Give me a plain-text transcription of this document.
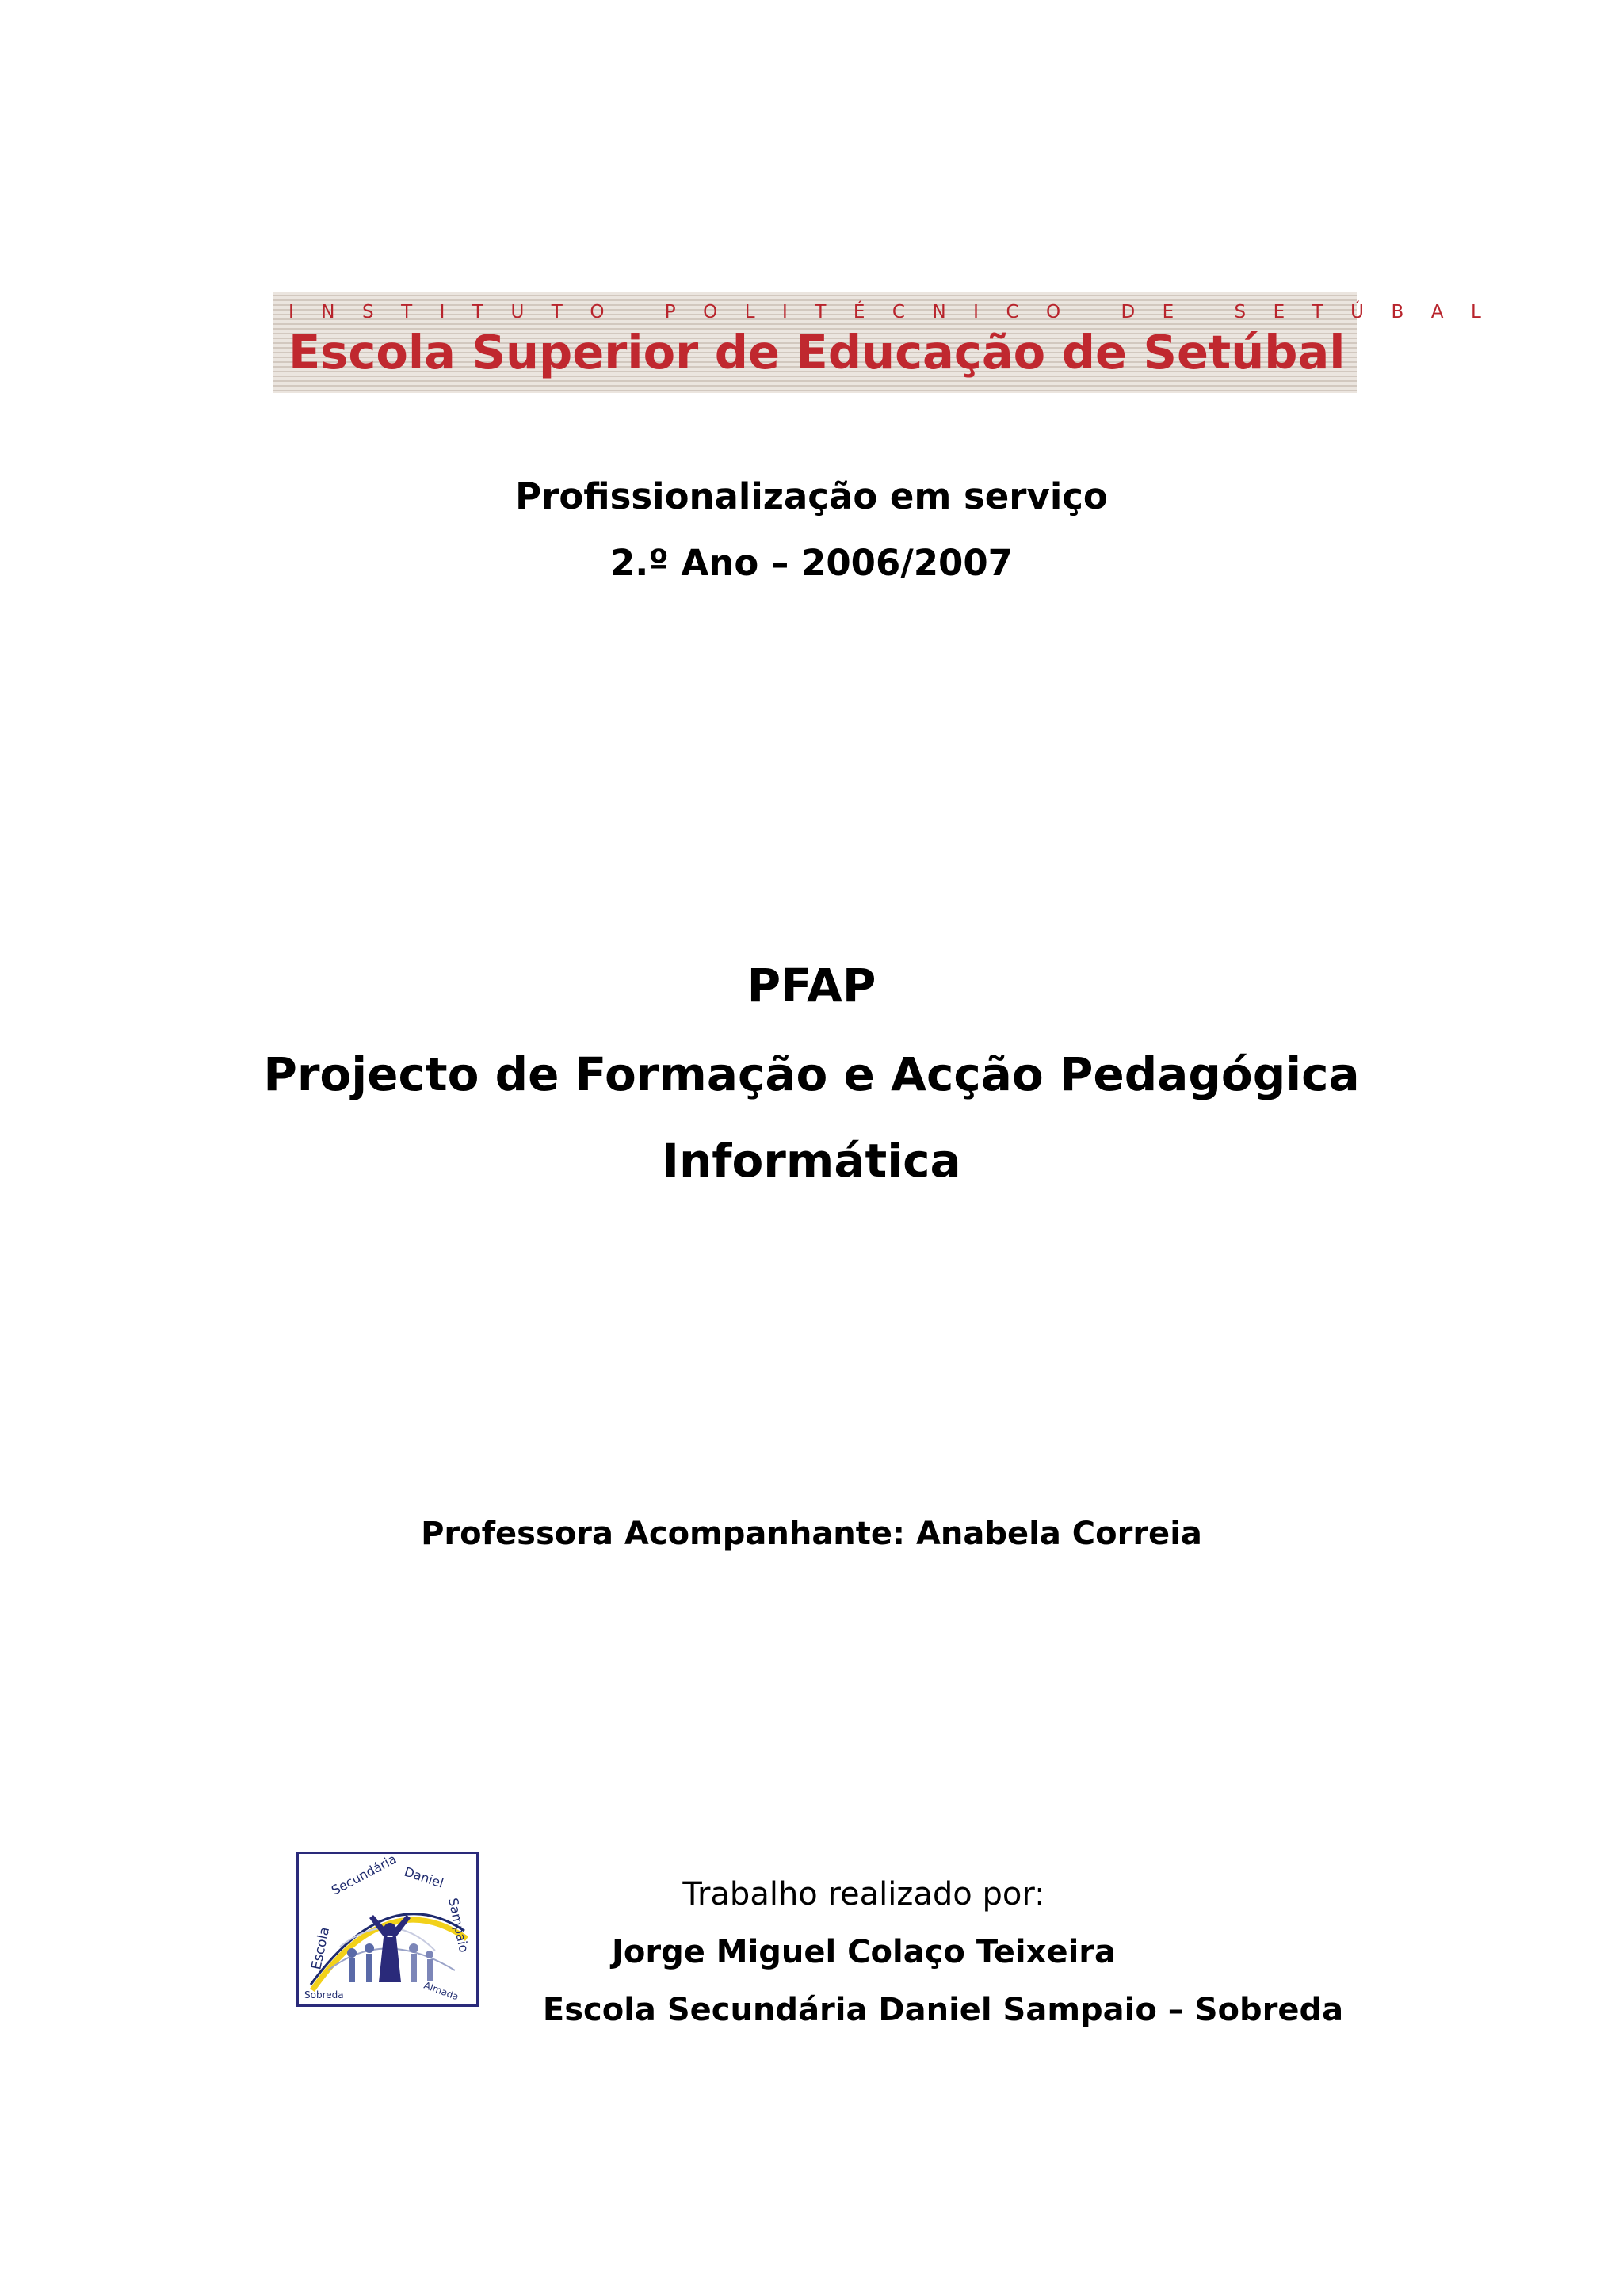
INSTITUTO POLITÉCNICO DE SETÚBAL
Escola Superior de Educação de Setúbal
Profissionalização em serviço
2.º Ano – 2006/2007
PFAP
Projecto de Formação e Acção Pedagógica
Informática
Professora Acompanhante: Anabela Correia
Escola
Secundária Daniel
Sampaio
Sobreda	Almada
Trabalho realizado por:
Jorge Miguel Colaço Teixeira
Escola Secundária Daniel Sampaio – Sobreda
